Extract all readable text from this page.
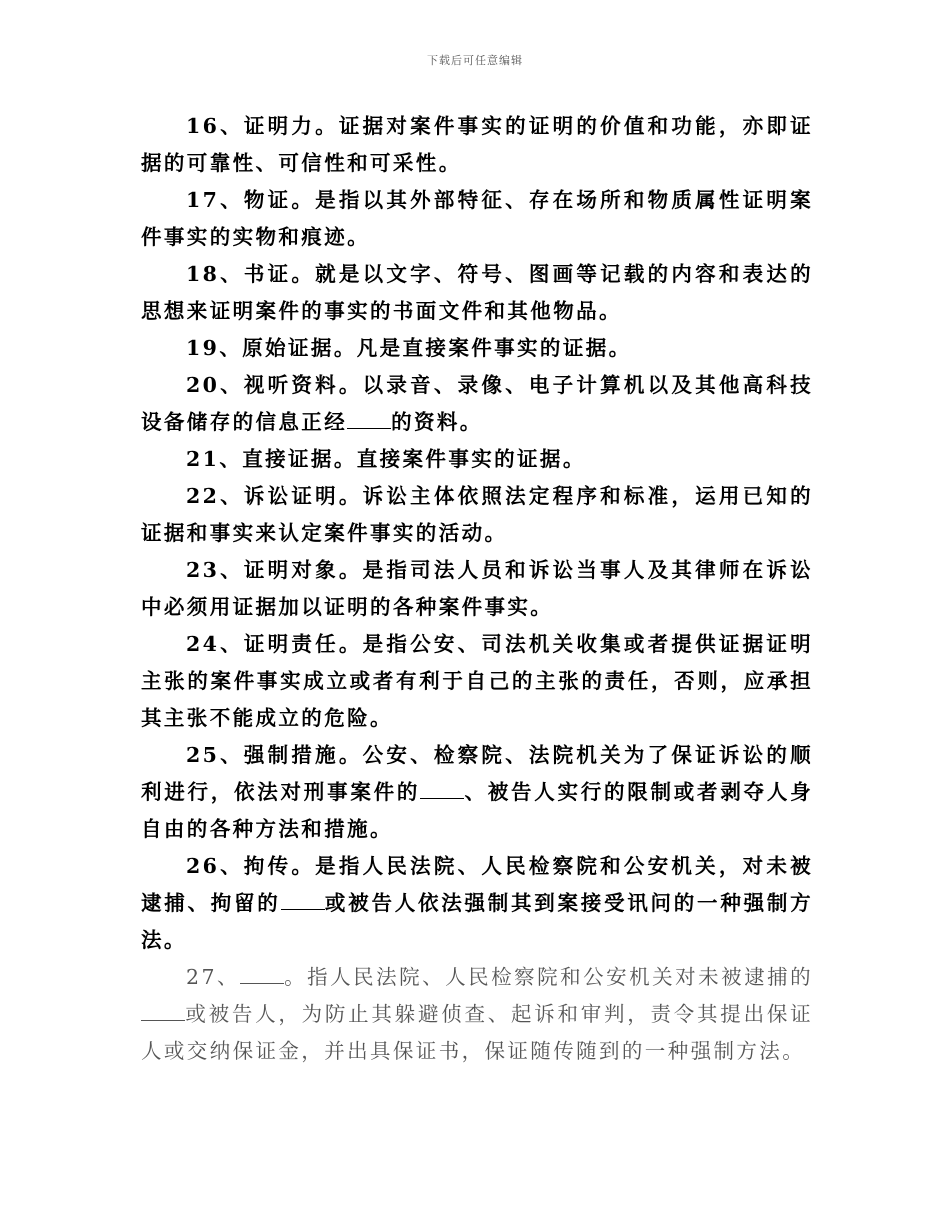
下载后可任意编辑

16、证明力。证据对案件事实的证明的价值和功能，亦即证据的可靠性、可信性和可采性。

17、物证。是指以其外部特征、存在场所和物质属性证明案件事实的实物和痕迹。

18、书证。就是以文字、符号、图画等记载的内容和表达的思想来证明案件的事实的书面文件和其他物品。

19、原始证据。凡是直接案件事实的证据。

20、视听资料。以录音、录像、电子计算机以及其他高科技设备储存的信息正经 的资料。

21、直接证据。直接案件事实的证据。

22、诉讼证明。诉讼主体依照法定程序和标准，运用已知的证据和事实来认定案件事实的活动。

23、证明对象。是指司法人员和诉讼当事人及其律师在诉讼中必须用证据加以证明的各种案件事实。

24、证明责任。是指公安、司法机关收集或者提供证据证明主张的案件事实成立或者有利于自己的主张的责任，否则，应承担其主张不能成立的危险。

25、强制措施。公安、检察院、法院机关为了保证诉讼的顺利进行，依法对刑事案件的 、被告人实行的限制或者剥夺人身自由的各种方法和措施。

26、拘传。是指人民法院、人民检察院和公安机关，对未被逮捕、拘留的 或被告人依法强制其到案接受讯问的一种强制方法。

27、 。指人民法院、人民检察院和公安机关对未被逮捕的或被告人，为防止其躲避侦查、起诉和审判，责令其提出保证人或交纳保证金，并出具保证书，保证随传随到的一种强制方法。
